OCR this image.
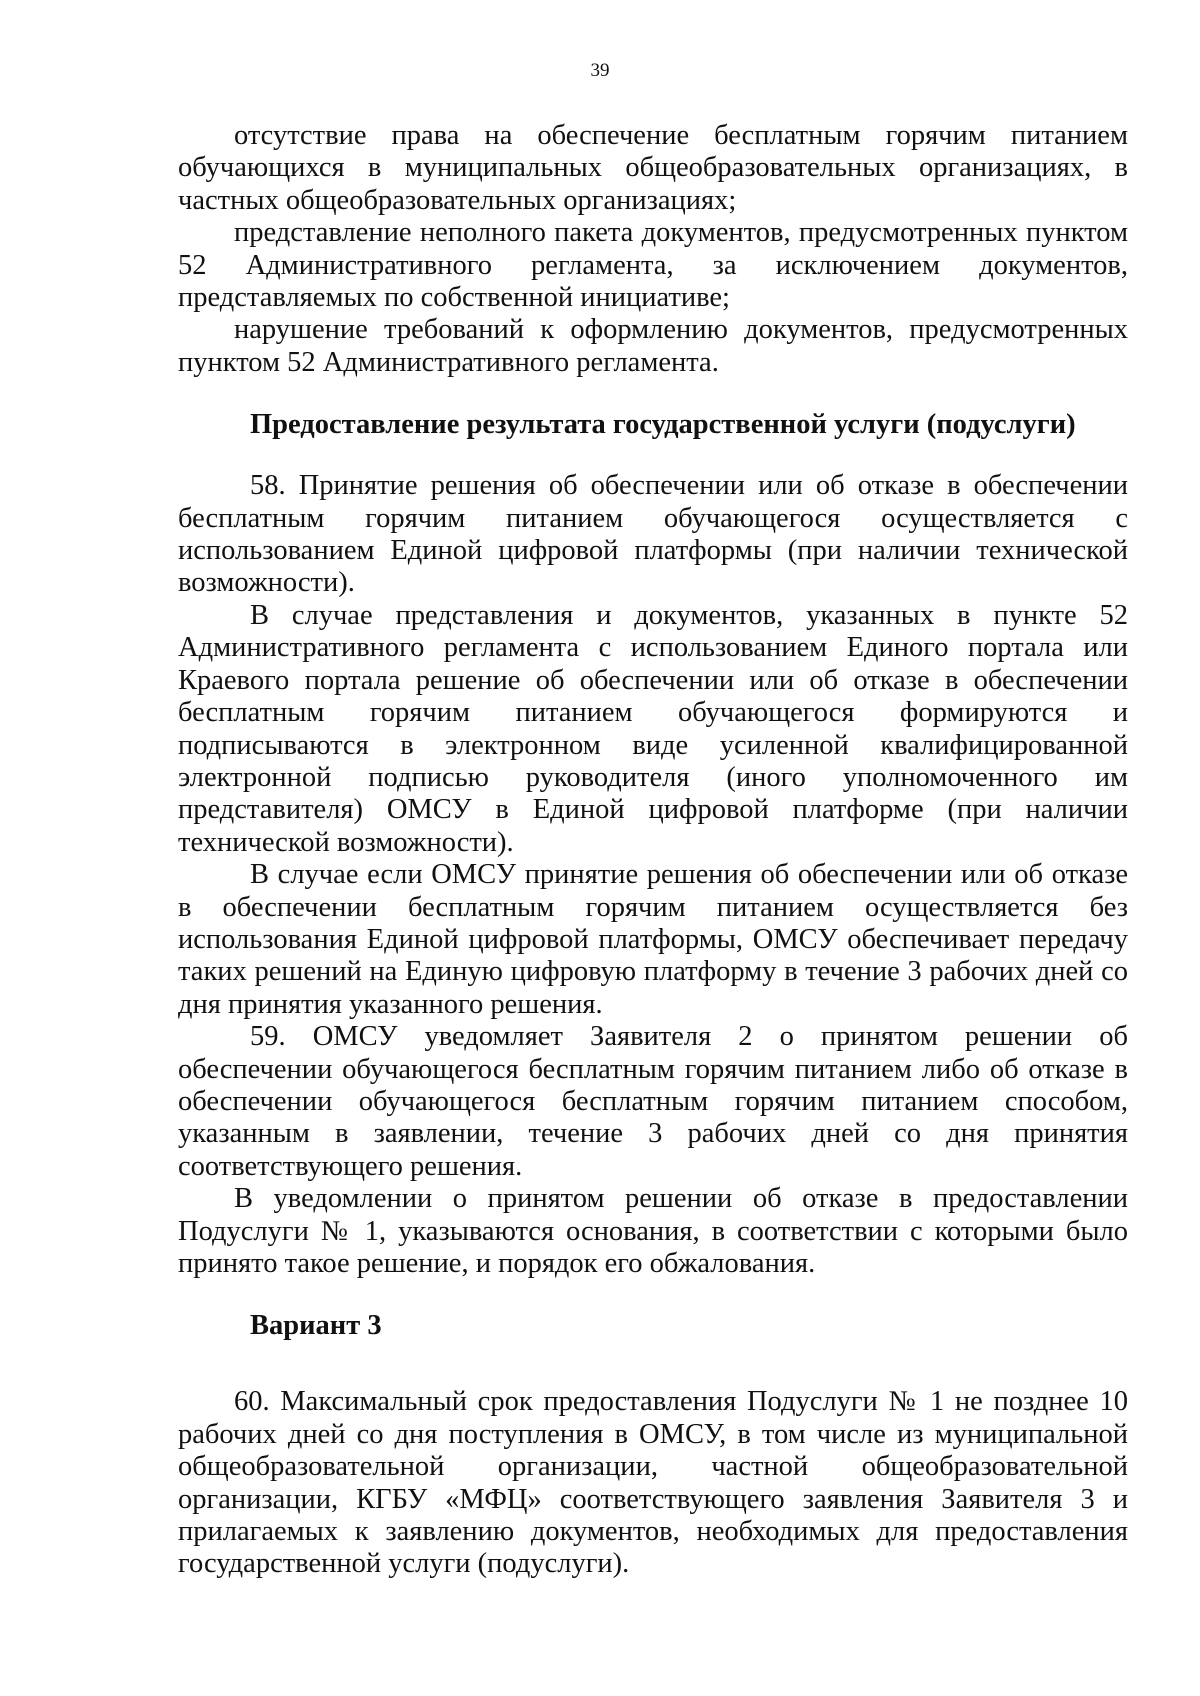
39

отсутствие права на обеспечение бесплатным горячим питанием обучающихся в муниципальных общеобразовательных организациях, в частных общеобразовательных организациях;

представление неполного пакета документов, предусмотренных пунктом 52 Административного регламента, за исключением документов, представляемых по собственной инициативе;

нарушение требований к оформлению документов, предусмотренных пунктом 52 Административного регламента.

Предоставление результата государственной услуги (подуслуги)

58. Принятие решения об обеспечении или об отказе в обеспечении бесплатным горячим питанием обучающегося осуществляется с использованием Единой цифровой платформы (при наличии технической возможности).

В случае представления и документов, указанных в пункте 52 Административного регламента с использованием Единого портала или Краевого портала решение об обеспечении или об отказе в обеспечении бесплатным горячим питанием обучающегося формируются и подписываются в электронном виде усиленной квалифицированной электронной подписью руководителя (иного уполномоченного им представителя) ОМСУ в Единой цифровой платформе (при наличии технической возможности).

В случае если ОМСУ принятие решения об обеспечении или об отказе в обеспечении бесплатным горячим питанием осуществляется без использования Единой цифровой платформы, ОМСУ обеспечивает передачу таких решений на Единую цифровую платформу в течение 3 рабочих дней со дня принятия указанного решения.

59. ОМСУ уведомляет Заявителя 2 о принятом решении об обеспечении обучающегося бесплатным горячим питанием либо об отказе в обеспечении обучающегося бесплатным горячим питанием способом, указанным в заявлении, течение 3 рабочих дней со дня принятия соответствующего решения.

В уведомлении о принятом решении об отказе в предоставлении Подуслуги № 1, указываются основания, в соответствии с которыми было принято такое решение, и порядок его обжалования.

Вариант 3

60. Максимальный срок предоставления Подуслуги № 1 не позднее 10 рабочих дней со дня поступления в ОМСУ, в том числе из муниципальной общеобразовательной организации, частной общеобразовательной организации, КГБУ «МФЦ» соответствующего заявления Заявителя 3 и прилагаемых к заявлению документов, необходимых для предоставления государственной услуги (подуслуги).
